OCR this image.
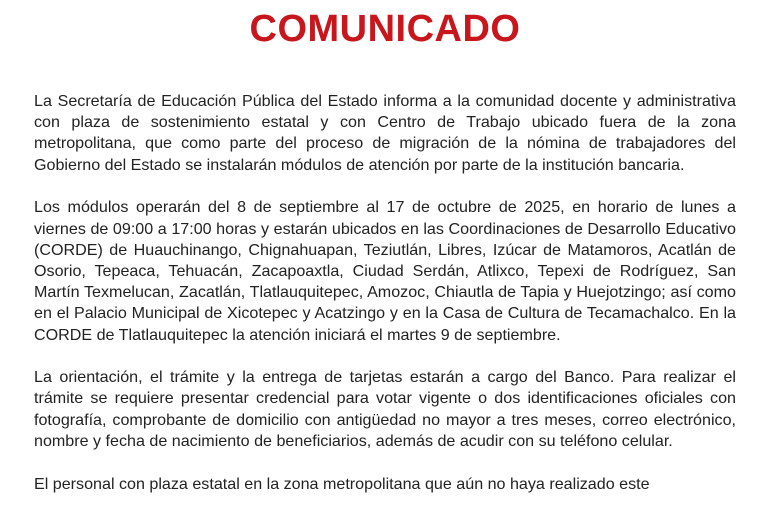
COMUNICADO

La Secretaría de Educación Pública del Estado informa a la comunidad docente y administrativa con plaza de sostenimiento estatal y con Centro de Trabajo ubicado fuera de la zona metropolitana, que como parte del proceso de migración de la nómina de trabajadores del Gobierno del Estado se instalarán módulos de atención por parte de la institución bancaria.

Los módulos operarán del 8 de septiembre al 17 de octubre de 2025, en horario de lunes a viernes de 09:00 a 17:00 horas y estarán ubicados en las Coordinaciones de Desarrollo Educativo (CORDE) de Huauchinango, Chignahuapan, Teziutlán, Libres, Izúcar de Matamoros, Acatlán de Osorio, Tepeaca, Tehuacán, Zacapoaxtla, Ciudad Serdán, Atlixco, Tepexi de Rodríguez, San Martín Texmelucan, Zacatlán, Tlatlauquitepec, Amozoc, Chiautla de Tapia y Huejotzingo; así como en el Palacio Municipal de Xicotepec y Acatzingo y en la Casa de Cultura de Tecamachalco. En la CORDE de Tlatlauquitepec la atención iniciará el martes 9 de septiembre.

La orientación, el trámite y la entrega de tarjetas estarán a cargo del Banco. Para realizar el trámite se requiere presentar credencial para votar vigente o dos identificaciones oficiales con fotografía, comprobante de domicilio con antigüedad no mayor a tres meses, correo electrónico, nombre y fecha de nacimiento de beneficiarios, además de acudir con su teléfono celular.

El personal con plaza estatal en la zona metropolitana que aún no haya realizado este
